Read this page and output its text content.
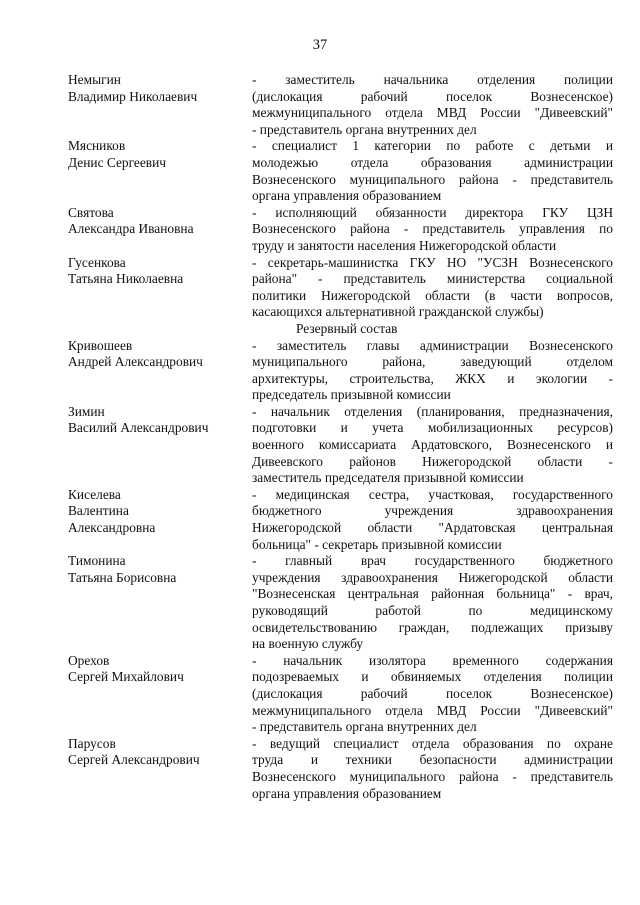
37
Немыгин
Владимир Николаевич
- заместитель начальника отделения полиции
(дислокация рабочий поселок Вознесенское)
межмуниципального отдела МВД России "Дивеевский"
- представитель органа внутренних дел
Мясников
Денис Сергеевич
- специалист 1 категории по работе с детьми и
молодежью отдела образования администрации
Вознесенского муниципального района - представитель
органа управления образованием
Святова
Александра Ивановна
- исполняющий обязанности директора ГКУ ЦЗН
Вознесенского района - представитель управления по
труду и занятости населения Нижегородской области
Гусенкова
Татьяна Николаевна
- секретарь-машинистка ГКУ НО "УСЗН Вознесенского
района" - представитель министерства социальной
политики Нижегородской области (в части вопросов,
касающихся альтернативной гражданской службы)
Резервный состав
Кривошеев
Андрей Александрович
- заместитель главы администрации Вознесенского
муниципального района, заведующий отделом
архитектуры, строительства, ЖКХ и экологии -
председатель призывной комиссии
Зимин
Василий Александрович
- начальник отделения (планирования, предназначения,
подготовки и учета мобилизационных ресурсов)
военного комиссариата Ардатовского, Вознесенского и
Дивеевского районов Нижегородской области -
заместитель председателя призывной комиссии
Киселева
Валентина
Александровна
- медицинская сестра, участковая, государственного
бюджетного учреждения здравоохранения
Нижегородской области "Ардатовская центральная
больница" - секретарь призывной комиссии
Тимонина
Татьяна Борисовна
- главный врач государственного бюджетного
учреждения здравоохранения Нижегородской области
"Вознесенская центральная районная больница" - врач,
руководящий работой по медицинскому
освидетельствованию граждан, подлежащих призыву
на военную службу
Орехов
Сергей Михайлович
- начальник изолятора временного содержания
подозреваемых и обвиняемых отделения полиции
(дислокация рабочий поселок Вознесенское)
межмуниципального отдела МВД России "Дивеевский"
- представитель органа внутренних дел
Парусов
Сергей Александрович
- ведущий специалист отдела образования по охране
труда и техники безопасности администрации
Вознесенского муниципального района - представитель
органа управления образованием
